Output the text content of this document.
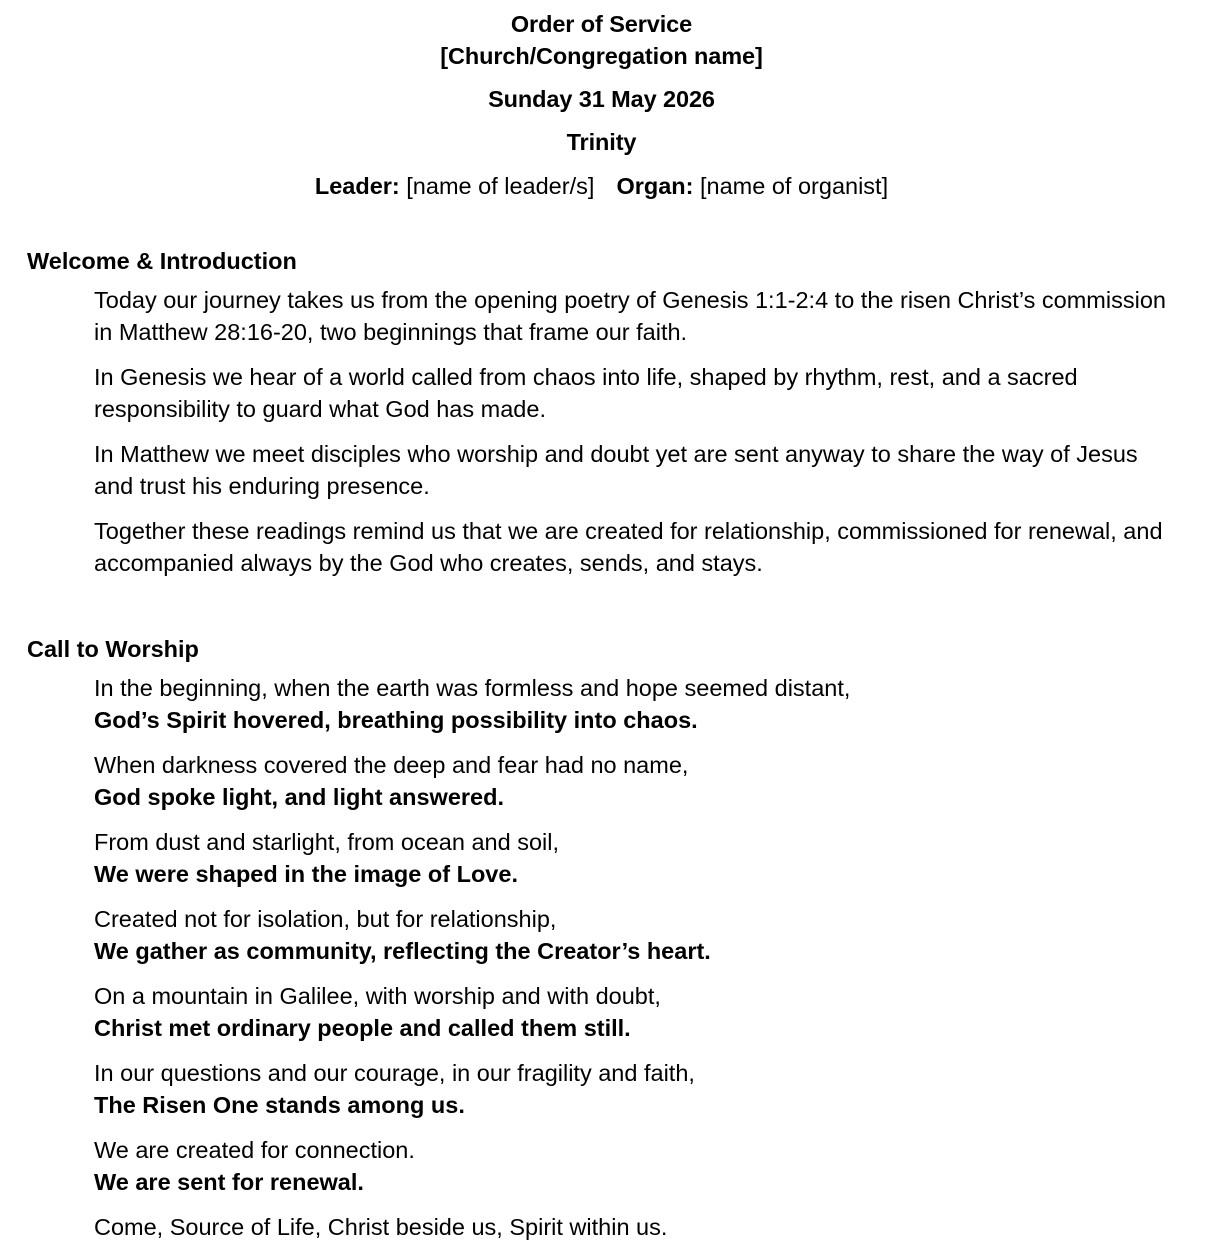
Order of Service
[Church/Congregation name]
Sunday 31 May 2026
Trinity
Leader: [name of leader/s] Organ: [name of organist]
Welcome & Introduction

Today our journey takes us from the opening poetry of Genesis 1:1-2:4 to the risen Christ’s commission in Matthew 28:16-20, two beginnings that frame our faith.

In Genesis we hear of a world called from chaos into life, shaped by rhythm, rest, and a sacred responsibility to guard what God has made.

In Matthew we meet disciples who worship and doubt yet are sent anyway to share the way of Jesus and trust his enduring presence.

Together these readings remind us that we are created for relationship, commissioned for renewal, and accompanied always by the God who creates, sends, and stays.

Call to Worship
In the beginning, when the earth was formless and hope seemed distant,
God’s Spirit hovered, breathing possibility into chaos.
When darkness covered the deep and fear had no name,
God spoke light, and light answered.
From dust and starlight, from ocean and soil,
We were shaped in the image of Love.
Created not for isolation, but for relationship,
We gather as community, reflecting the Creator’s heart.
On a mountain in Galilee, with worship and with doubt,
Christ met ordinary people and called them still.
In our questions and our courage, in our fragility and faith,
The Risen One stands among us.
We are created for connection.
We are sent for renewal.

Come, Source of Life, Christ beside us, Spirit within us.
